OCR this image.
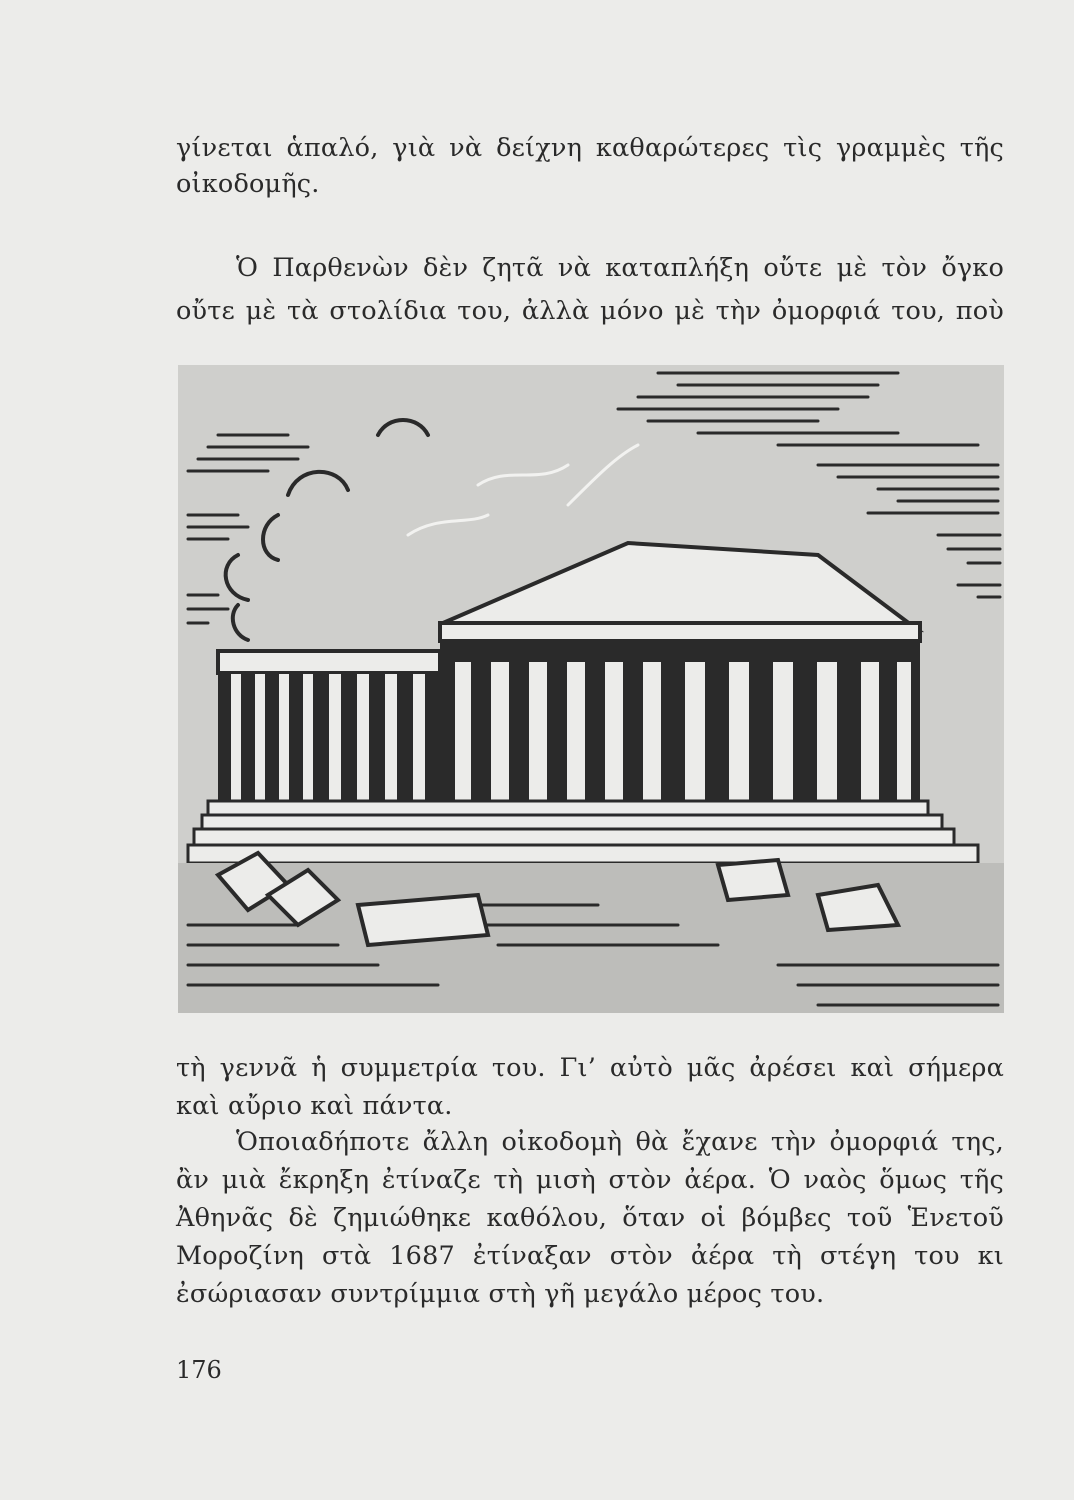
γίνεται ἁπαλό, γιὰ νὰ δείχνη καθαρώτερες τὶς γραμμὲς τῆς
οἰκοδομῆς.
Ὁ Παρθενὼν δὲν ζητᾶ νὰ καταπλήξη οὔτε μὲ τὸν ὄγκο
οὔτε μὲ τὰ στολίδια του, ἀλλὰ μόνο μὲ τὴν ὀμορφιά του, ποὺ
τὴ γεννᾶ ἡ συμμετρία του. Γι’ αὐτὸ μᾶς ἀρέσει καὶ σήμερα
καὶ αὔριο καὶ πάντα.
Ὁποιαδήποτε ἄλλη οἰκοδομὴ θὰ ἔχανε τὴν ὀμορφιά της,
ἂν μιὰ ἔκρηξη ἐτίναζε τὴ μισὴ στὸν ἀέρα. Ὁ ναὸς ὅμως τῆς
Ἀθηνᾶς δὲ ζημιώθηκε καθόλου, ὅταν οἱ βόμβες τοῦ Ἑνετοῦ
Μοροζίνη στὰ 1687 ἐτίναξαν στὸν ἀέρα τὴ στέγη του κι
ἐσώριασαν συντρίμμια στὴ γῆ μεγάλο μέρος του.
176
